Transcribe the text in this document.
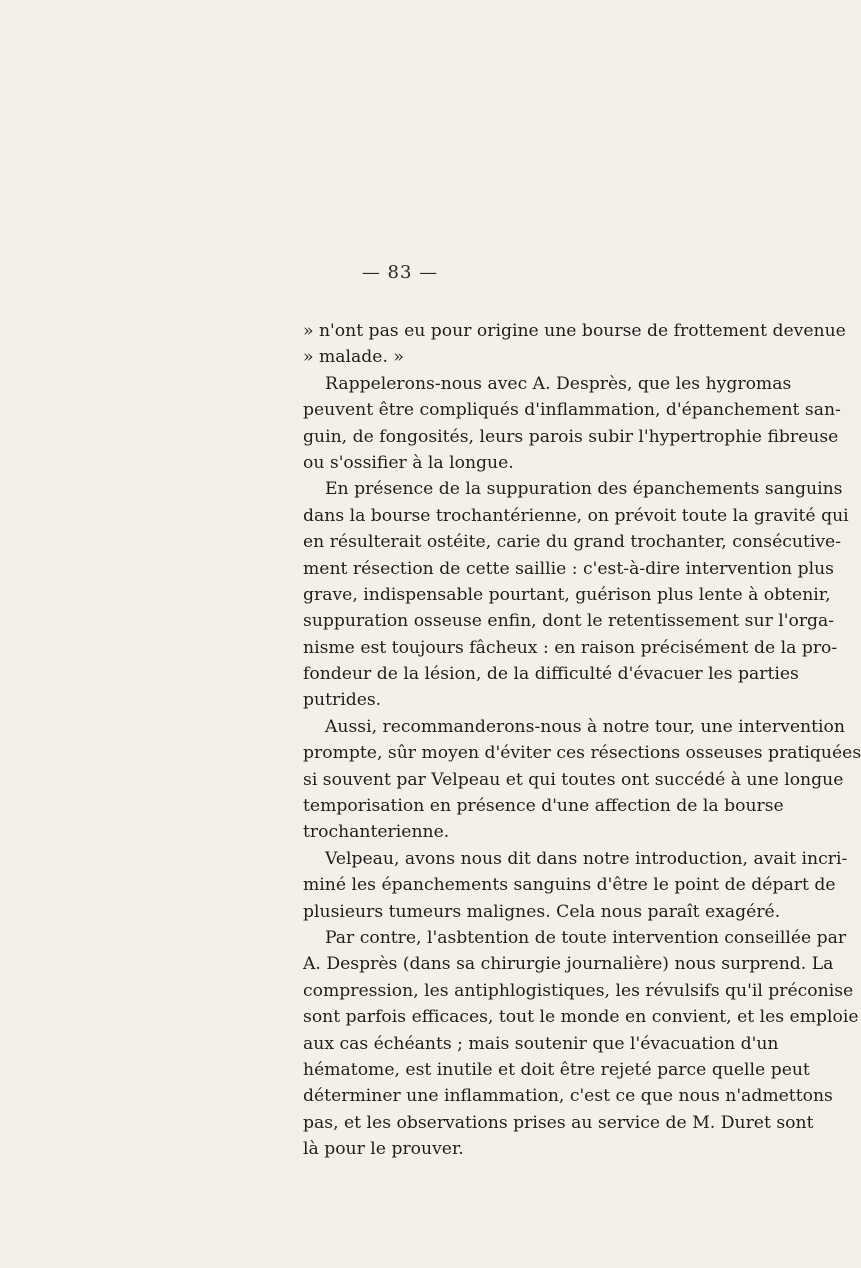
— 83 —
» n'ont pas eu pour origine une bourse de frottement devenue
» malade. »
Rappelerons-nous avec A. Desprès, que les hygromas
peuvent être compliqués d'inflammation, d'épanchement san-
guin, de fongosités, leurs parois subir l'hypertrophie fibreuse
ou s'ossifier à la longue.
En présence de la suppuration des épanchements sanguins
dans la bourse trochantérienne, on prévoit toute la gravité qui
en résulterait ostéite, carie du grand trochanter, consécutive-
ment résection de cette saillie : c'est-à-dire intervention plus
grave, indispensable pourtant, guérison plus lente à obtenir,
suppuration osseuse enfin, dont le retentissement sur l'orga-
nisme est toujours fâcheux : en raison précisément de la pro-
fondeur de la lésion, de la difficulté d'évacuer les parties
putrides.
Aussi, recommanderons-nous à notre tour, une intervention
prompte, sûr moyen d'éviter ces résections osseuses pratiquées
si souvent par Velpeau et qui toutes ont succédé à une longue
temporisation en présence d'une affection de la bourse
trochanterienne.
Velpeau, avons nous dit dans notre introduction, avait incri-
miné les épanchements sanguins d'être le point de départ de
plusieurs tumeurs malignes. Cela nous paraît exagéré.
Par contre, l'asbtention de toute intervention conseillée par
A. Desprès (dans sa chirurgie journalière) nous surprend. La
compression, les antiphlogistiques, les révulsifs qu'il préconise
sont parfois efficaces, tout le monde en convient, et les emploie
aux cas échéants ; mais soutenir que l'évacuation d'un
hématome, est inutile et doit être rejeté parce quelle peut
déterminer une inflammation, c'est ce que nous n'admettons
pas, et les observations prises au service de M. Duret sont
là pour le prouver.
